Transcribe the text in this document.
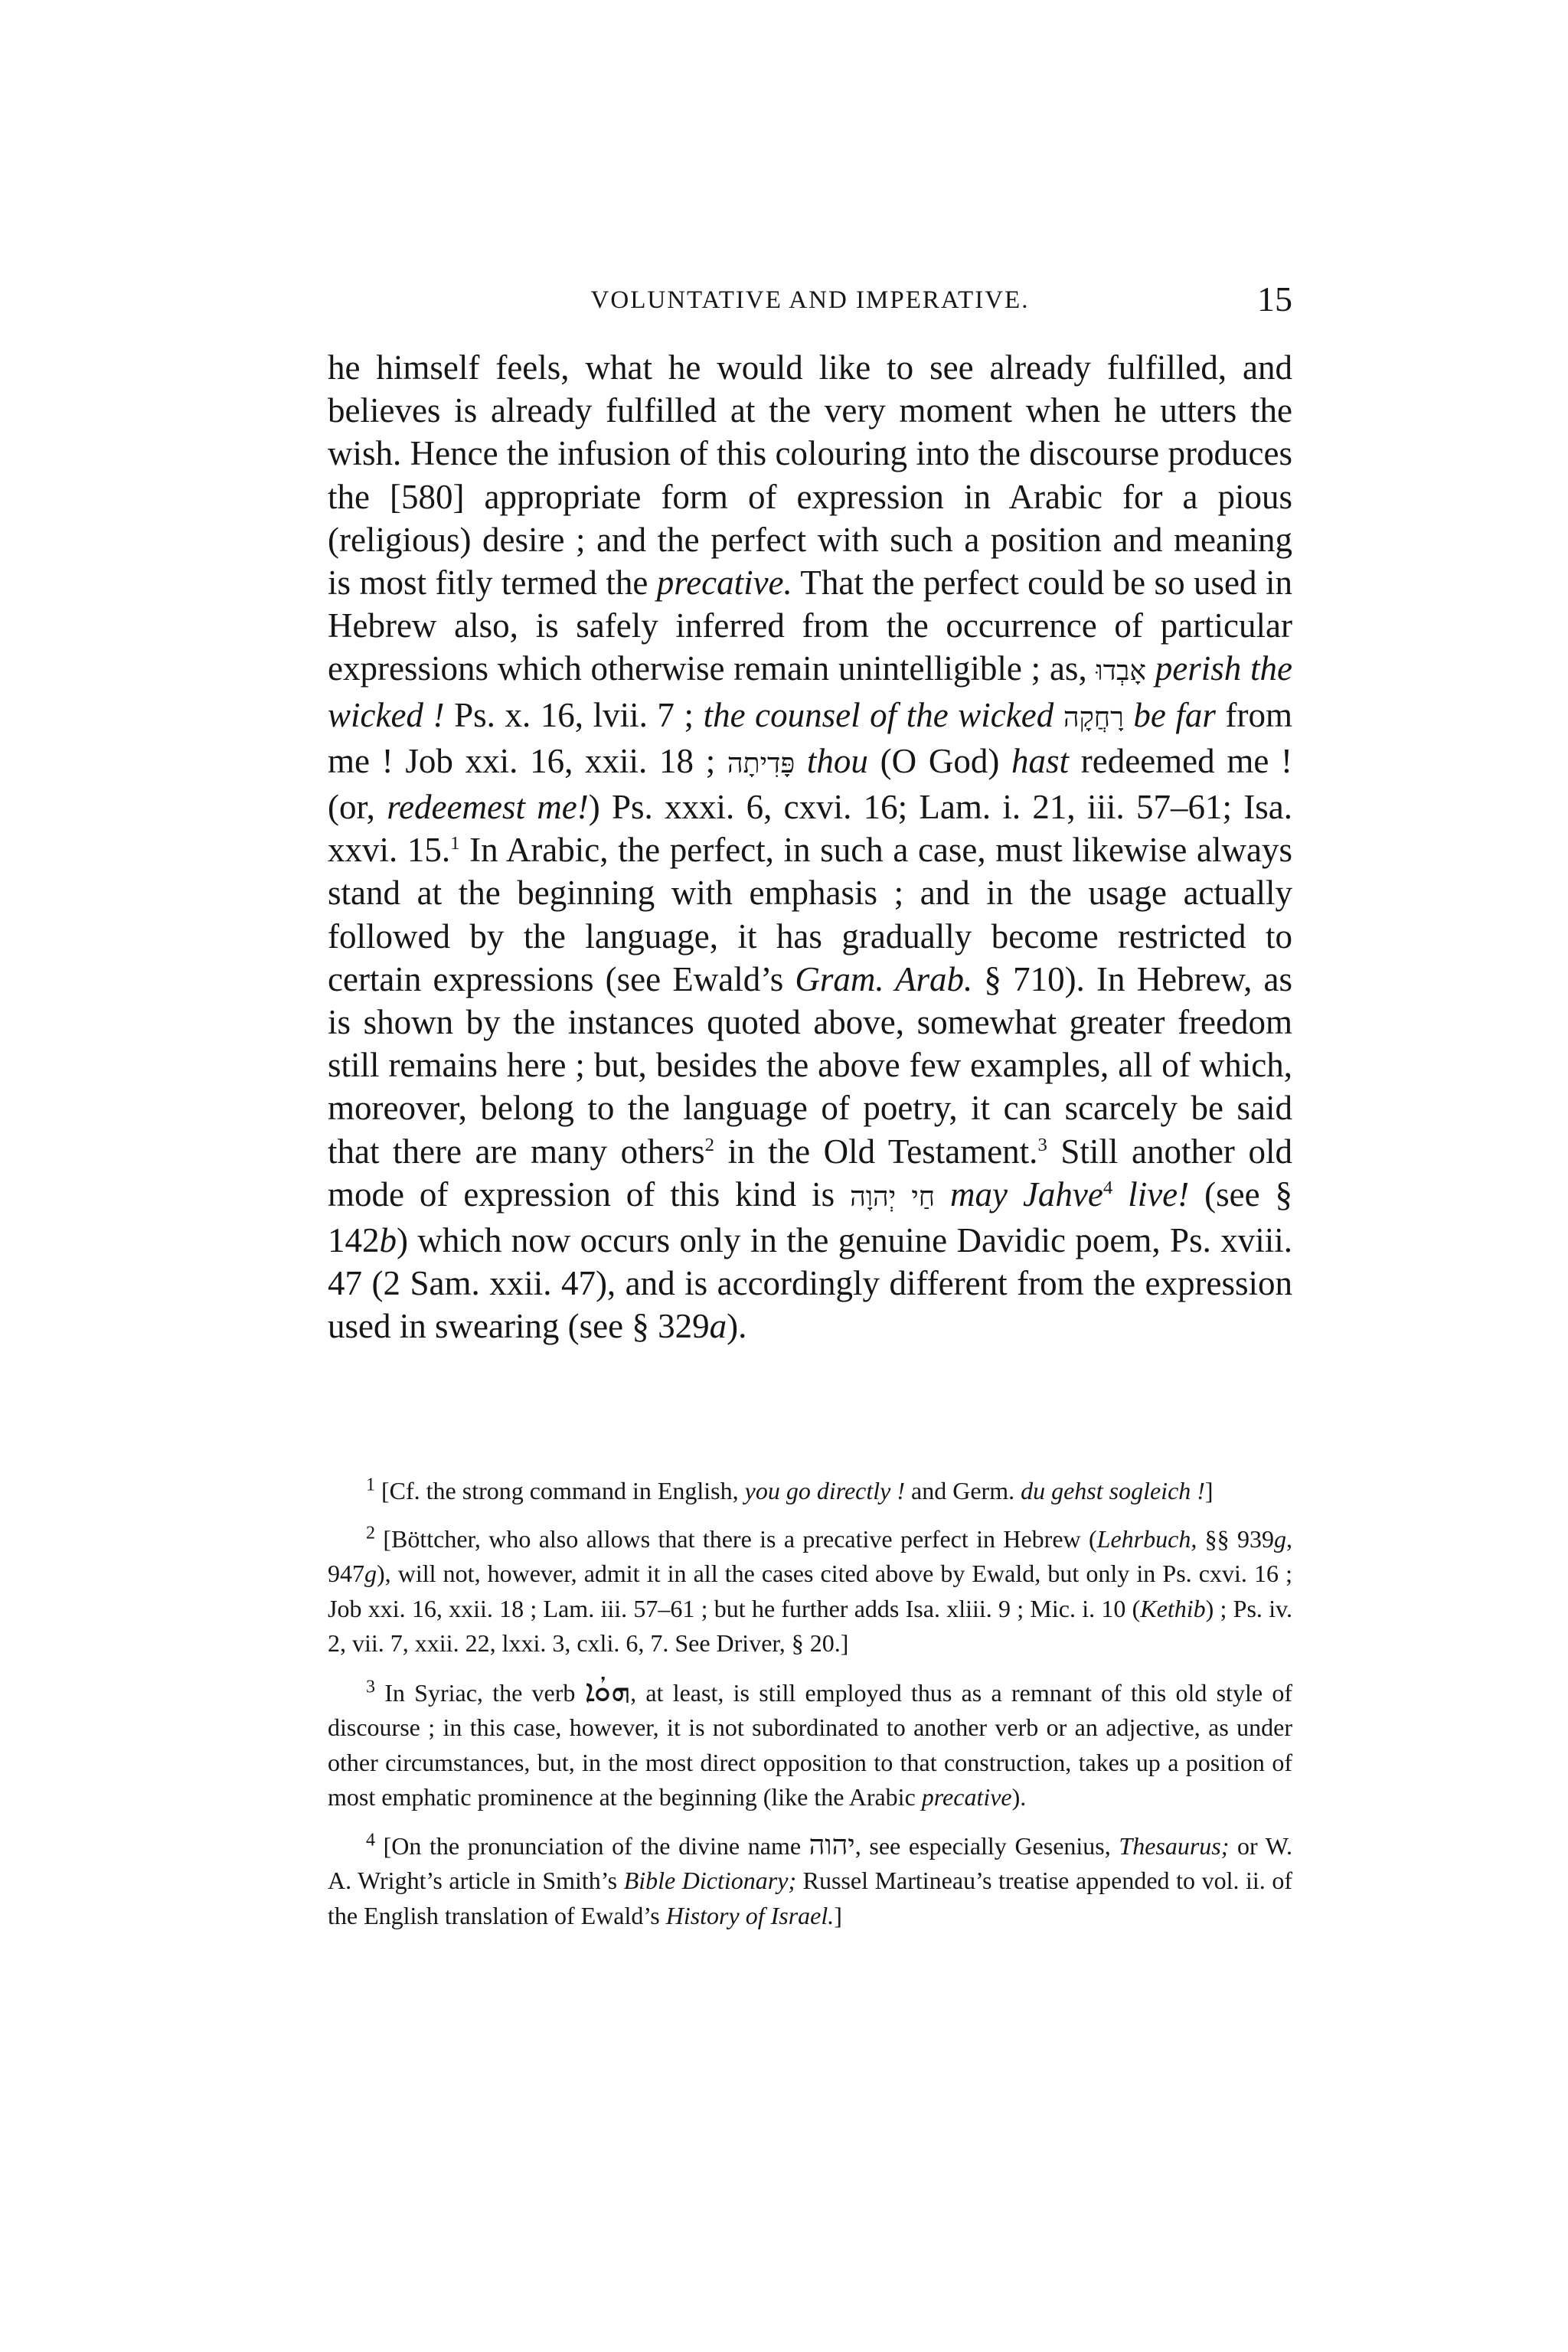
VOLUNTATIVE AND IMPERATIVE.	15

he himself feels, what he would like to see already fulfilled, and believes is already fulfilled at the very moment when he utters the wish. Hence the infusion of this colouring into the discourse produces the [580] appropriate form of expression in Arabic for a pious (religious) desire ; and the perfect with such a position and meaning is most fitly termed the precative. That the perfect could be so used in Hebrew also, is safely inferred from the occurrence of particular expressions which otherwise remain unintelligible ; as, אָבְדוּ perish the wicked ! Ps. x. 16, lvii. 7 ; the counsel of the wicked רָחֲקָה be far from me ! Job xxi. 16, xxii. 18 ; פָּדִיתָה thou (O God) hast redeemed me ! (or, redeemest me!) Ps. xxxi. 6, cxvi. 16; Lam. i. 21, iii. 57–61; Isa. xxvi. 15.$^1$ In Arabic, the perfect, in such a case, must likewise always stand at the beginning with emphasis ; and in the usage actually followed by the language, it has gradually become restricted to certain expressions (see Ewald’s Gram. Arab. § 710). In Hebrew, as is shown by the instances quoted above, somewhat greater freedom still remains here ; but, besides the above few examples, all of which, moreover, belong to the language of poetry, it can scarcely be said that there are many others$^2$ in the Old Testament.$^3$ Still another old mode of expression of this kind is חַי יְהוָה may Jahve$^4$ live! (see § 142b) which now occurs only in the genuine Davidic poem, Ps. xviii. 47 (2 Sam. xxii. 47), and is accordingly different from the expression used in swearing (see § 329a).

$^1$ [Cf. the strong command in English, you go directly ! and Germ. du gehst sogleich !]

$^2$ [Böttcher, who also allows that there is a precative perfect in Hebrew (Lehrbuch, §§ 939g, 947g), will not, however, admit it in all the cases cited above by Ewald, but only in Ps. cxvi. 16 ; Job xxi. 16, xxii. 18 ; Lam. iii. 57–61 ; but he further adds Isa. xliii. 9 ; Mic. i. 10 (Kethib) ; Ps. iv. 2, vii. 7, xxii. 22, lxxi. 3, cxli. 6, 7. See Driver, § 20.]

$^3$ In Syriac, the verb ܗܘܳܐ, at least, is still employed thus as a remnant of this old style of discourse ; in this case, however, it is not subordinated to another verb or an adjective, as under other circumstances, but, in the most direct opposition to that construction, takes up a position of most emphatic prominence at the beginning (like the Arabic precative).

$^4$ [On the pronunciation of the divine name יהוה, see especially Gesenius, Thesaurus; or W. A. Wright’s article in Smith’s Bible Dictionary; Russel Martineau’s treatise appended to vol. ii. of the English translation of Ewald’s History of Israel.]
